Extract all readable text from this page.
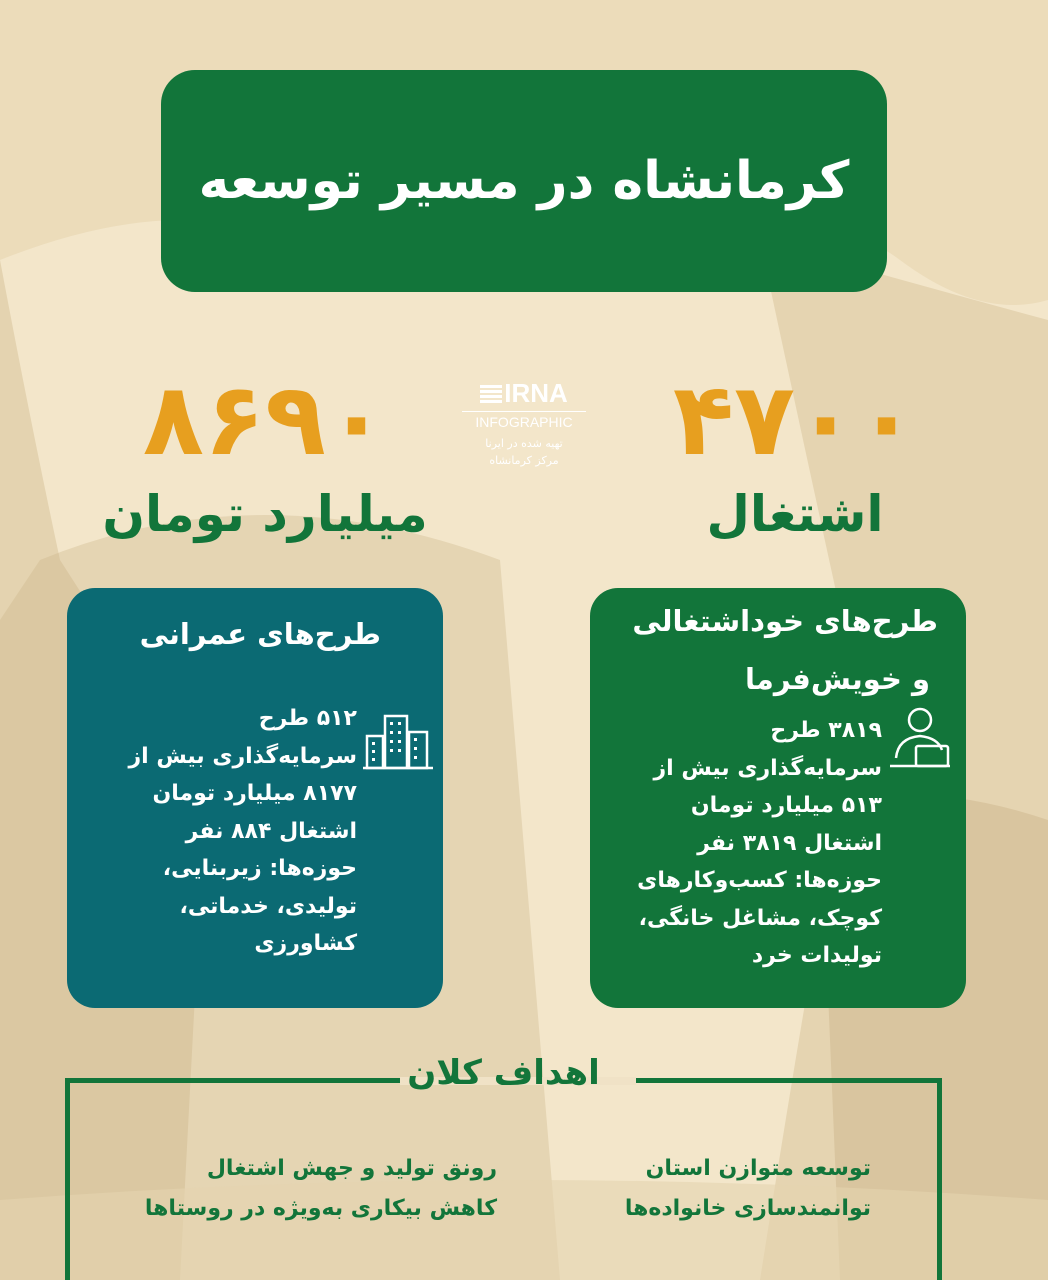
کرمانشاه در مسیر توسعه
۴۷۰۰
اشتغال
۸۶۹۰
میلیارد تومان
IRNA
INFOGRAPHIC
تهیه شده در ایرنا
مرکز کرمانشاه
طرح‌های عمرانی
۵۱۲ طرح
سرمایه‌گذاری بیش از
۸۱۷۷ میلیارد تومان
اشتغال ۸۸۴ نفر
حوزه‌ها: زیربنایی،
تولیدی، خدماتی،
کشاورزی
طرح‌های خوداشتغالی
و خویش‌فرما
۳۸۱۹ طرح
سرمایه‌گذاری بیش از
۵۱۳ میلیارد تومان
اشتغال ۳۸۱۹ نفر
حوزه‌ها: کسب‌وکارهای
کوچک، مشاغل خانگی،
تولیدات خرد
اهداف کلان
توسعه متوازن استان
توانمندسازی خانواده‌ها
رونق تولید و جهش اشتغال
کاهش بیکاری به‌ویژه در روستاها
